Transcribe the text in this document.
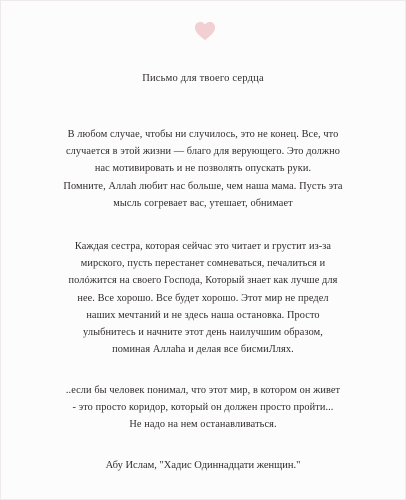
Письмо для твоего сердца
В любом случае, чтобы ни случилось, это не конец. Все, что
случается в этой жизни — благо для верующего. Это должно
нас мотивировать и не позволять опускать руки.
Помните, Аллаh любит нас больше, чем наша мама. Пусть эта
мысль согревает вас, утешает, обнимает
Каждая сестра, которая сейчас это читает и грустит из-за
мирского, пусть перестанет сомневаться, печалиться и
полóжится на своего Господа, Который знает как лучше для
нее. Все хорошо. Все будет хорошо. Этот мир не предел
наших мечтаний и не здесь наша остановка. Просто
улыбнитесь и начните этот день наилучшим образом,
поминая Аллаhа и делая все бисмиЛлях.
..если бы человек понимал, что этот мир, в котором он живет
- это просто коридор, который он должен просто пройти...
Не надо на нем останавливаться.
Абу Ислам, "Хадис Одиннадцати женщин."
